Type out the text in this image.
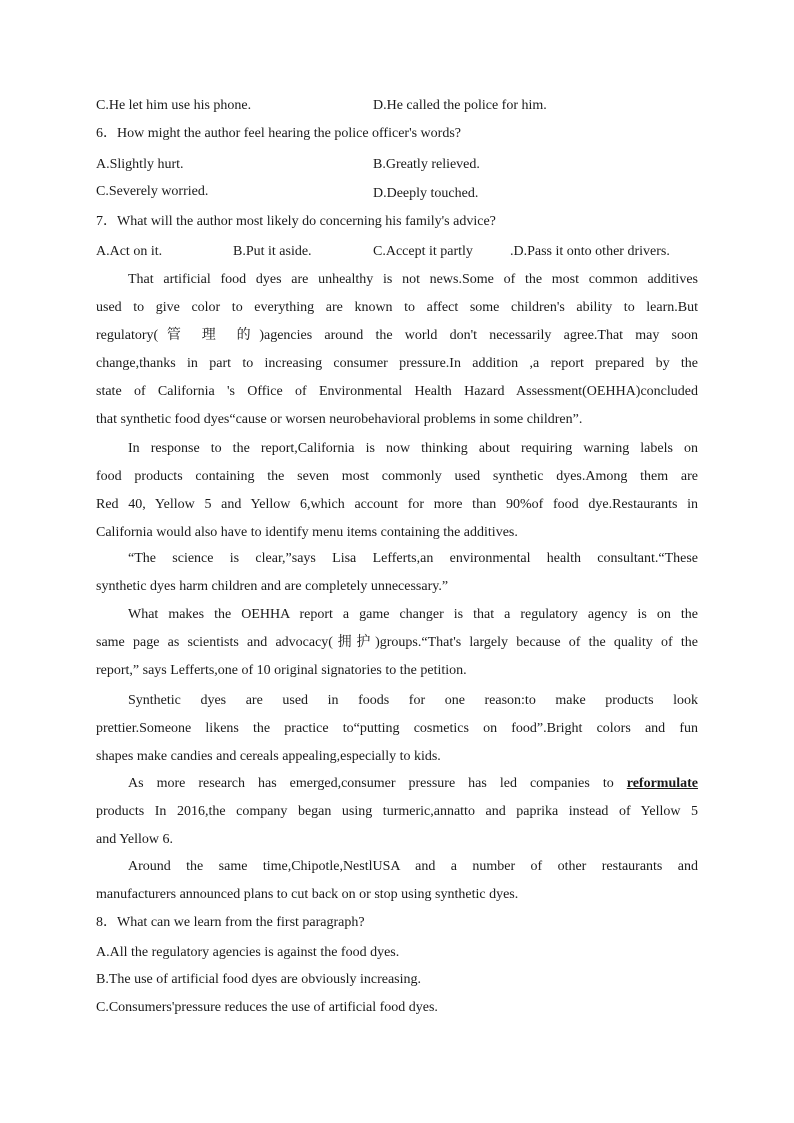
C.He let him use his phone.	D.He called the police for him.
6．How might the author feel hearing the police officer's words?
A.Slightly hurt.	B.Greatly relieved.
C.Severely worried.	D.Deeply touched.
7．What will the author most likely do concerning his family's advice?
A.Act on it.	B.Put it aside.	C.Accept it partly	.D.Pass it onto other drivers.
That artificial food dyes are unhealthy is not news.Some of the most common additives
used to give color to everything are known to affect some children's ability to learn.But
regulatory(管 理 的)agencies around the world don't necessarily agree.That may soon
change,thanks in part to increasing consumer pressure.In addition ,a report prepared by the
state of California 's Office of Environmental Health Hazard Assessment(OEHHA)concluded
that synthetic food dyes“cause or worsen neurobehavioral problems in some children”.
In response to the report,California is now thinking about requiring warning labels on
food products containing the seven most commonly used synthetic dyes.Among them are
Red 40, Yellow 5 and Yellow 6,which account for more than 90%of food dye.Restaurants in
California would also have to identify menu items containing the additives.
“The science is clear,”says Lisa Lefferts,an environmental health consultant.“These
synthetic dyes harm children and are completely unnecessary.”
What makes the OEHHA report a game changer is that a regulatory agency is on the
same page as scientists and advocacy(拥护)groups.“That's largely because of the quality of the
report,” says Lefferts,one of 10 original signatories to the petition.
Synthetic dyes are used in foods for one reason:to make products look
prettier.Someone likens the practice to“putting cosmetics on food”.Bright colors and fun
shapes make candies and cereals appealing,especially to kids.
As more research has emerged,consumer pressure has led companies to reformulate
products In 2016,the company began using turmeric,annatto and paprika instead of Yellow 5
and Yellow 6.
Around the same time,Chipotle,NestlUSA and a number of other restaurants and
manufacturers announced plans to cut back on or stop using synthetic dyes.
8．What can we learn from the first paragraph?
A.All the regulatory agencies is against the food dyes.
B.The use of artificial food dyes are obviously increasing.
C.Consumers'pressure reduces the use of artificial food dyes.
